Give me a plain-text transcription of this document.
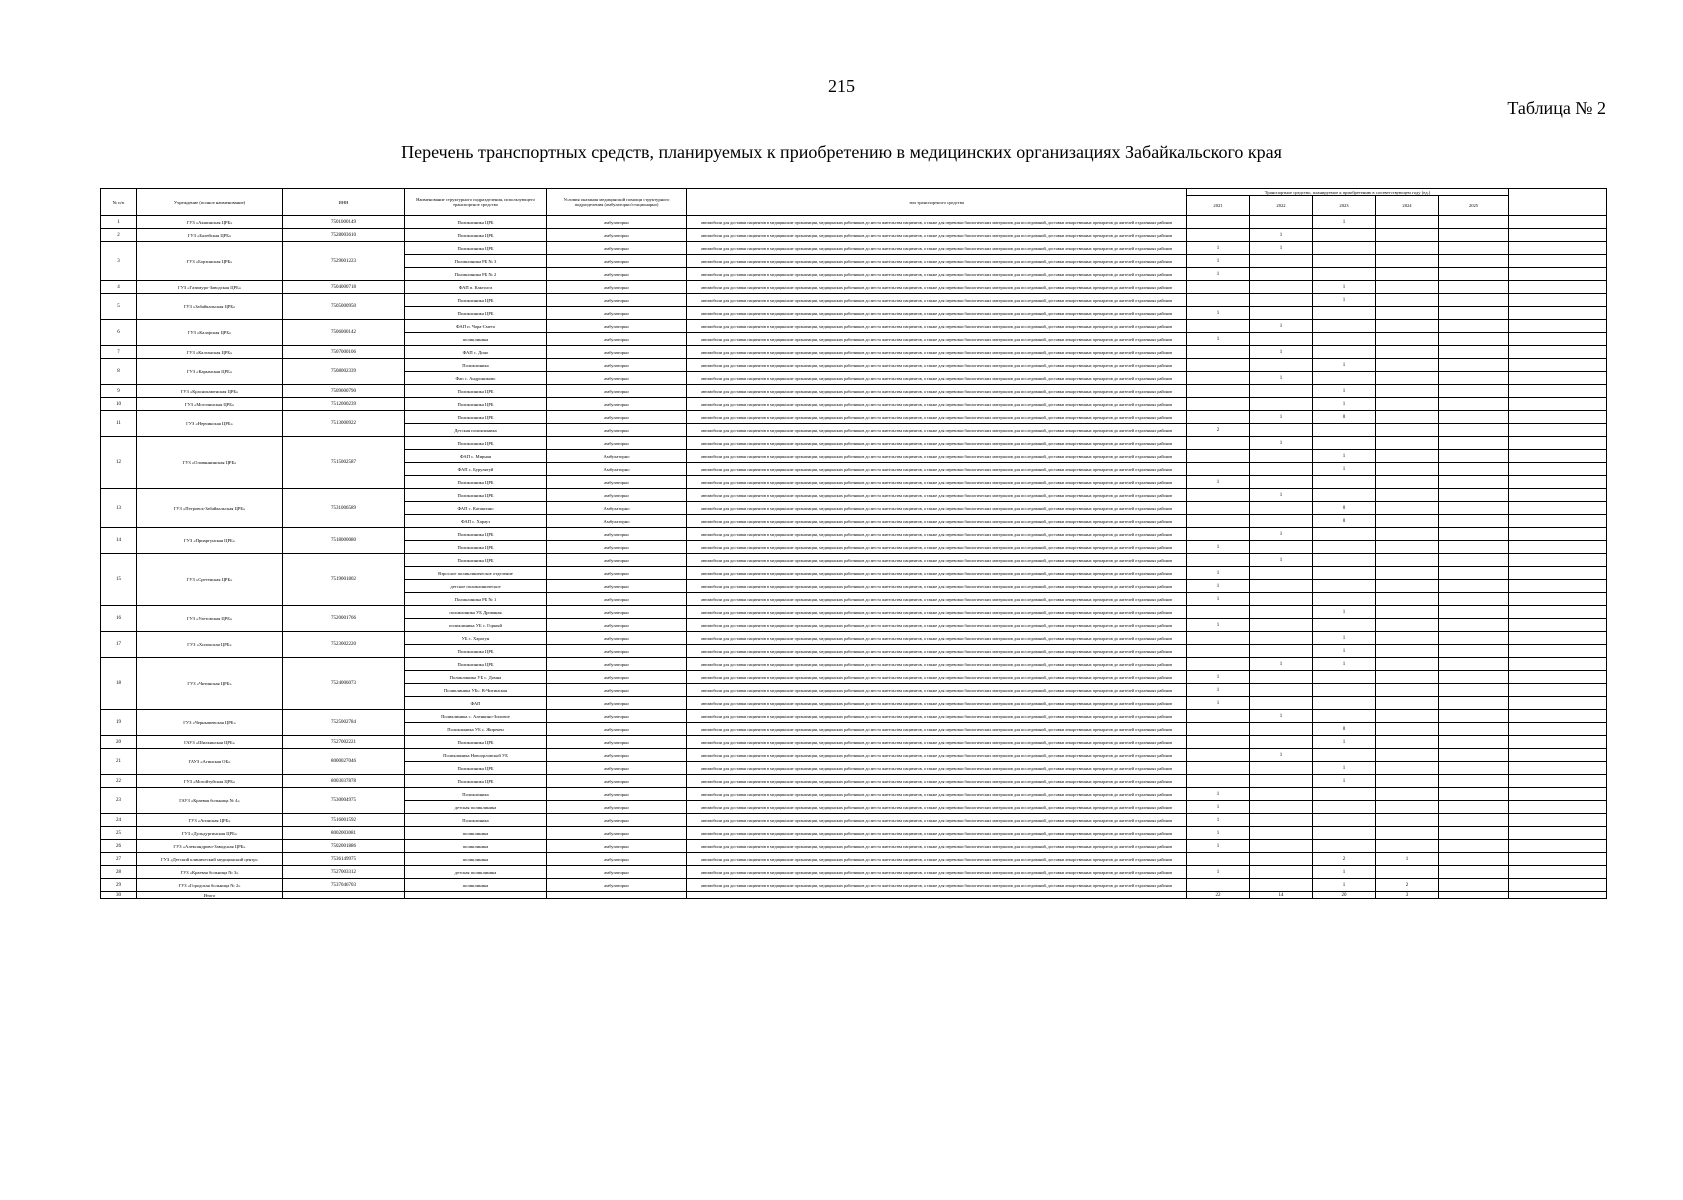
215
Таблица № 2
Перечень транспортных средств, планируемых к приобретению в медицинских организациях Забайкальского края
№ п/п	Учреждение (полное наименование)	ИНН	Наименование структурного подразделения, использующего транспортное средство	Условия оказания медицинской помощи структурного подразделения (амбулаторно/стационарно)	тип транспортного средства	Транспортное средство, планируемое к приобретению в соответствующем году (ед.)					
						2021	2022	2023	2024	2025	
1	ГУЗ «Акшинская ЦРБ»	7501000149	Поликлиника ЦРБ	амбулаторно	автомобили для доставки пациентов в медицинские организации, медицинских работников до места жительства пациентов, а также для перевозки биологических материалов для исследований, доставки лекарственных препаратов до жителей отдаленных районов			1			
2	ГУЗ «Балейская ЦРБ»	7528003610	Поликлиника ЦРБ	амбулаторно	автомобили для доставки пациентов в медицинские организации, медицинских работников до места жительства пациентов, а также для перевозки биологических материалов для исследований, доставки лекарственных препаратов до жителей отдаленных районов		1				
3	ГУЗ «Борзинская ЦРБ»	7529001223	Поликлиника ЦРБ	амбулаторно	автомобили для доставки пациентов в медицинские организации, медицинских работников до места жительства пациентов, а также для перевозки биологических материалов для исследований, доставки лекарственных препаратов до жителей отдаленных районов	1	1				
			Поликлиника РБ № 3	амбулаторно	автомобили для доставки пациентов в медицинские организации, медицинских работников до места жительства пациентов, а также для перевозки биологических материалов для исследований, доставки лекарственных препаратов до жителей отдаленных районов	1					
			Поликлиника РБ № 2	амбулаторно	автомобили для доставки пациентов в медицинские организации, медицинских работников до места жительства пациентов, а также для перевозки биологических материалов для исследований, доставки лекарственных препаратов до жителей отдаленных районов	1					
4	ГУЗ «Газимуро-Заводская ЦРБ»	7504000718	ФАП п. Кактолга	амбулаторно	автомобили для доставки пациентов в медицинские организации, медицинских работников до места жительства пациентов, а также для перевозки биологических материалов для исследований, доставки лекарственных препаратов до жителей отдаленных районов			1			
5	ГУЗ «Забайкальская ЦРБ»	7505000950	Поликлиника ЦРБ	амбулаторно	автомобили для доставки пациентов в медицинские организации, медицинских работников до места жительства пациентов, а также для перевозки биологических материалов для исследований, доставки лекарственных препаратов до жителей отдаленных районов			1			
			Поликлиника ЦРБ	амбулаторно	автомобили для доставки пациентов в медицинские организации, медицинских работников до места жительства пациентов, а также для перевозки биологических материалов для исследований, доставки лекарственных препаратов до жителей отдаленных районов	1					
6	ГУЗ «Каларская ЦРБ»	7506000142	ФАП п. Чара-Смета	амбулаторно	автомобили для доставки пациентов в медицинские организации, медицинских работников до места жительства пациентов, а также для перевозки биологических материалов для исследований, доставки лекарственных препаратов до жителей отдаленных районов		1				
			поликлиника	амбулаторно	автомобили для доставки пациентов в медицинские организации, медицинских работников до места жительства пациентов, а также для перевозки биологических материалов для исследований, доставки лекарственных препаратов до жителей отдаленных районов	1					
7	ГУЗ «Калганская ЦРБ»	7507000106	ФАП с. Доно	амбулаторно	автомобили для доставки пациентов в медицинские организации, медицинских работников до места жительства пациентов, а также для перевозки биологических материалов для исследований, доставки лекарственных препаратов до жителей отдаленных районов		1				
8	ГУЗ «Карымская ЦРБ»	7508002339	Поликлиника	амбулаторно	автомобили для доставки пациентов в медицинские организации, медицинских работников до места жительства пациентов, а также для перевозки биологических материалов для исследований, доставки лекарственных препаратов до жителей отдаленных районов			1			
			Фап с. Андрониково	амбулаторно	автомобили для доставки пациентов в медицинские организации, медицинских работников до места жительства пациентов, а также для перевозки биологических материалов для исследований, доставки лекарственных препаратов до жителей отдаленных районов		1				
9	ГУЗ «Краснокаменская ЦРБ»	7509000790	Поликлиника ЦРБ	амбулаторно	автомобили для доставки пациентов в медицинские организации, медицинских работников до места жительства пациентов, а также для перевозки биологических материалов для исследований, доставки лекарственных препаратов до жителей отдаленных районов			1			
10	ГУЗ «Могочинская ЦРБ»	7512000239	Поликлиника ЦРБ	амбулаторно	автомобили для доставки пациентов в медицинские организации, медицинских работников до места жительства пациентов, а также для перевозки биологических материалов для исследований, доставки лекарственных препаратов до жителей отдаленных районов			1			
11	ГУЗ «Нерчинская ЦРБ»	7513000922	Поликлиника ЦРБ	амбулаторно	автомобили для доставки пациентов в медицинские организации, медицинских работников до места жительства пациентов, а также для перевозки биологических материалов для исследований, доставки лекарственных препаратов до жителей отдаленных районов		1	0			
			Детская поликлиника	амбулаторно	автомобили для доставки пациентов в медицинские организации, медицинских работников до места жительства пациентов, а также для перевозки биологических материалов для исследований, доставки лекарственных препаратов до жителей отдаленных районов	2					
12	ГУЗ «Оловяннинская ЦРБ»	7515002587	Поликлиника ЦРБ	амбулаторно	автомобили для доставки пациентов в медицинские организации, медицинских работников до места жительства пациентов, а также для перевозки биологических материалов для исследований, доставки лекарственных препаратов до жителей отдаленных районов		1				
			ФАП с. Мирная	Амбулаторно	автомобили для доставки пациентов в медицинские организации, медицинских работников до места жительства пациентов, а также для перевозки биологических материалов для исследований, доставки лекарственных препаратов до жителей отдаленных районов			1			
			ФАП с. Бурулятуй	Амбулаторно	автомобили для доставки пациентов в медицинские организации, медицинских работников до места жительства пациентов, а также для перевозки биологических материалов для исследований, доставки лекарственных препаратов до жителей отдаленных районов			1			
			Поликлиника ЦРБ	амбулаторно	автомобили для доставки пациентов в медицинские организации, медицинских работников до места жительства пациентов, а также для перевозки биологических материалов для исследований, доставки лекарственных препаратов до жителей отдаленных районов	1					
13	ГУЗ «Петровск-Забайкальская ЦРБ»	7531006589	Поликлиника ЦРБ	амбулаторно	автомобили для доставки пациентов в медицинские организации, медицинских работников до места жительства пациентов, а также для перевозки биологических материалов для исследований, доставки лекарственных препаратов до жителей отдаленных районов		1				
			ФАП с. Катангино	Амбулаторно	автомобили для доставки пациентов в медицинские организации, медицинских работников до места жительства пациентов, а также для перевозки биологических материалов для исследований, доставки лекарственных препаратов до жителей отдаленных районов			0			
			ФАП с. Харауз	Амбулаторно	автомобили для доставки пациентов в медицинские организации, медицинских работников до места жительства пациентов, а также для перевозки биологических материалов для исследований, доставки лекарственных препаратов до жителей отдаленных районов			0			
14	ГУЗ «Приаргунская ЦРБ»	7518000080	Поликлиника ЦРБ	амбулаторно	автомобили для доставки пациентов в медицинские организации, медицинских работников до места жительства пациентов, а также для перевозки биологических материалов для исследований, доставки лекарственных препаратов до жителей отдаленных районов		1				
			Поликлиника ЦРБ	амбулаторно	автомобили для доставки пациентов в медицинские организации, медицинских работников до места жительства пациентов, а также для перевозки биологических материалов для исследований, доставки лекарственных препаратов до жителей отдаленных районов	1					
15	ГУЗ «Сретенская ЦРБ»	7519001802	Поликлиника ЦРБ	амбулаторно	автомобили для доставки пациентов в медицинские организации, медицинских работников до места жительства пациентов, а также для перевозки биологических материалов для исследований, доставки лекарственных препаратов до жителей отдаленных районов		1				
			Взрослое поликлиническое отделение	амбулаторно	автомобили для доставки пациентов в медицинские организации, медицинских работников до места жительства пациентов, а также для перевозки биологических материалов для исследований, доставки лекарственных препаратов до жителей отдаленных районов	1					
			детское поликлиническое	амбулаторно	автомобили для доставки пациентов в медицинские организации, медицинских работников до места жительства пациентов, а также для перевозки биологических материалов для исследований, доставки лекарственных препаратов до жителей отдаленных районов	1					
			Поликлиника РБ № 1	амбулаторно	автомобили для доставки пациентов в медицинские организации, медицинских работников до места жительства пациентов, а также для перевозки биологических материалов для исследований, доставки лекарственных препаратов до жителей отдаленных районов	1					
16	ГУЗ «Улетовская ЦРБ»	7520001766	поликлиника УБ Дровяная	амбулаторно	автомобили для доставки пациентов в медицинские организации, медицинских работников до места жительства пациентов, а также для перевозки биологических материалов для исследований, доставки лекарственных препаратов до жителей отдаленных районов			1			
			поликлиника УБ с. Горный	амбулаторно	автомобили для доставки пациентов в медицинские организации, медицинских работников до места жительства пациентов, а также для перевозки биологических материалов для исследований, доставки лекарственных препаратов до жителей отдаленных районов	1					
17	ГУЗ «Хилокская ЦРБ»	7523002220	УБ с. Харагун	амбулаторно	автомобили для доставки пациентов в медицинские организации, медицинских работников до места жительства пациентов, а также для перевозки биологических материалов для исследований, доставки лекарственных препаратов до жителей отдаленных районов			1			
			Поликлиника ЦРБ	амбулаторно	автомобили для доставки пациентов в медицинские организации, медицинских работников до места жительства пациентов, а также для перевозки биологических материалов для исследований, доставки лекарственных препаратов до жителей отдаленных районов			1			
18	ГУЗ «Читинская ЦРБ»	7524006073	Поликлиника ЦРБ	амбулаторно	автомобили для доставки пациентов в медицинские организации, медицинских работников до места жительства пациентов, а также для перевозки биологических материалов для исследований, доставки лекарственных препаратов до жителей отдаленных районов		1	1			
			Поликлиника УБ с. Домна	амбулаторно	автомобили для доставки пациентов в медицинские организации, медицинских работников до места жительства пациентов, а также для перевозки биологических материалов для исследований, доставки лекарственных препаратов до жителей отдаленных районов	1					
			Поликлиника УБс. В-Читинская	амбулаторно	автомобили для доставки пациентов в медицинские организации, медицинских работников до места жительства пациентов, а также для перевозки биологических материалов для исследований, доставки лекарственных препаратов до жителей отдаленных районов	1					
			ФАП	амбулаторно	автомобили для доставки пациентов в медицинские организации, медицинских работников до места жительства пациентов, а также для перевозки биологических материалов для исследований, доставки лекарственных препаратов до жителей отдаленных районов	1					
19	ГУЗ «Чернышевская ЦРБ»	7525002784	Поликлиника с. Аленкино-Зиловое	амбулаторно	автомобили для доставки пациентов в медицинские организации, медицинских работников до места жительства пациентов, а также для перевозки биологических материалов для исследований, доставки лекарственных препаратов до жителей отдаленных районов		1				
			Поликлиника УБ с. Жирекен	амбулаторно	автомобили для доставки пациентов в медицинские организации, медицинских работников до места жительства пациентов, а также для перевозки биологических материалов для исследований, доставки лекарственных препаратов до жителей отдаленных районов			0			
20	ГАУЗ «Шилкинская ЦРБ»	7527002221	Поликлиника ЦРБ	амбулаторно	автомобили для доставки пациентов в медицинские организации, медицинских работников до места жительства пациентов, а также для перевозки биологических материалов для исследований, доставки лекарственных препаратов до жителей отдаленных районов			1			
21	ГАУЗ «Агинская ОБ»	8000027046	Поликлиника Новоорловской УБ	амбулаторно	автомобили для доставки пациентов в медицинские организации, медицинских работников до места жительства пациентов, а также для перевозки биологических материалов для исследований, доставки лекарственных препаратов до жителей отдаленных районов		1				
			Поликлиника ЦРБ	амбулаторно	автомобили для доставки пациентов в медицинские организации, медицинских работников до места жительства пациентов, а также для перевозки биологических материалов для исследований, доставки лекарственных препаратов до жителей отдаленных районов			1			
22	ГУЗ «Могойтуйская ЦРБ»	8003037878	Поликлиника ЦРБ	амбулаторно	автомобили для доставки пациентов в медицинские организации, медицинских работников до места жительства пациентов, а также для перевозки биологических материалов для исследований, доставки лекарственных препаратов до жителей отдаленных районов			1			
23	ГАУЗ «Краевая больница № 4»	7530004975	Поликлиника	амбулаторно	автомобили для доставки пациентов в медицинские организации, медицинских работников до места жительства пациентов, а также для перевозки биологических материалов для исследований, доставки лекарственных препаратов до жителей отдаленных районов	1					
			детская поликлиника	амбулаторно	автомобили для доставки пациентов в медицинские организации, медицинских работников до места жительства пациентов, а также для перевозки биологических материалов для исследований, доставки лекарственных препаратов до жителей отдаленных районов	1					
24	ГУЗ «Агинская ЦРБ»	7516001592	Поликлиника	амбулаторно	автомобили для доставки пациентов в медицинские организации, медицинских работников до места жительства пациентов, а также для перевозки биологических материалов для исследований, доставки лекарственных препаратов до жителей отдаленных районов	1					
25	ГУЗ «Дульдургинская ЦРБ»	8002003081	поликлиника	амбулаторно	автомобили для доставки пациентов в медицинские организации, медицинских работников до места жительства пациентов, а также для перевозки биологических материалов для исследований, доставки лекарственных препаратов до жителей отдаленных районов	1					
26	ГУЗ «Александрово-Заводская ЦРБ»	7502001886	поликлиника	амбулаторно	автомобили для доставки пациентов в медицинские организации, медицинских работников до места жительства пациентов, а также для перевозки биологических материалов для исследований, доставки лекарственных препаратов до жителей отдаленных районов	1					
27	ГУЗ «Детский клинический медицинский центр»	7536149975	поликлиника	амбулаторно	автомобили для доставки пациентов в медицинские организации, медицинских работников до места жительства пациентов, а также для перевозки биологических материалов для исследований, доставки лекарственных препаратов до жителей отдаленных районов			2	1		
28	ГУЗ «Краевая больница № 3»	7527003312	детская поликлиника	амбулаторно	автомобили для доставки пациентов в медицинские организации, медицинских работников до места жительства пациентов, а также для перевозки биологических материалов для исследований, доставки лекарственных препаратов до жителей отдаленных районов	1		1			
29	ГУЗ «Городская больница № 2»	7537046703	поликлиника	амбулаторно	автомобили для доставки пациентов в медицинские организации, медицинских работников до места жительства пациентов, а также для перевозки биологических материалов для исследований, доставки лекарственных препаратов до жителей отдаленных районов			1	2		
30	Итого					22	14	20	3		
